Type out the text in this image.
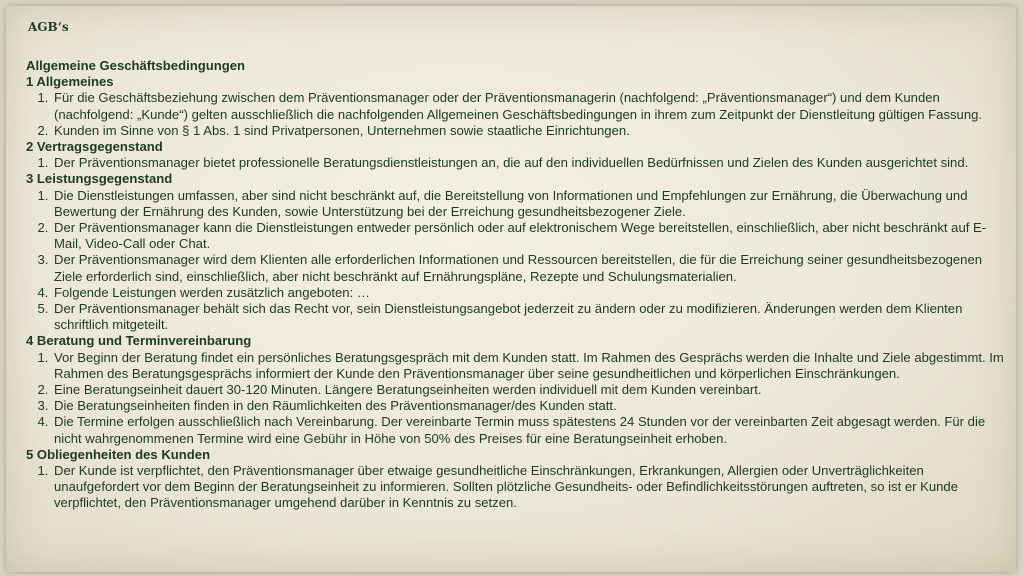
AGB‘s
Allgemeine Geschäftsbedingungen
1 Allgemeines
1. Für die Geschäftsbeziehung zwischen dem Präventionsmanager oder der Präventionsmanagerin (nachfolgend: „Präventionsmanager“) und dem Kunden (nachfolgend: „Kunde“) gelten ausschließlich die nachfolgenden Allgemeinen Geschäftsbedingungen in ihrem zum Zeitpunkt der Dienstleitung gültigen Fassung.
2. Kunden im Sinne von § 1 Abs. 1 sind Privatpersonen, Unternehmen sowie staatliche Einrichtungen.
2 Vertragsgegenstand
1. Der Präventionsmanager bietet professionelle Beratungsdienstleistungen an, die auf den individuellen Bedürfnissen und Zielen des Kunden ausgerichtet sind.
3 Leistungsgegenstand
1. Die Dienstleistungen umfassen, aber sind nicht beschränkt auf, die Bereitstellung von Informationen und Empfehlungen zur Ernährung, die Überwachung und Bewertung der Ernährung des Kunden, sowie Unterstützung bei der Erreichung gesundheitsbezogener Ziele.
2. Der Präventionsmanager kann die Dienstleistungen entweder persönlich oder auf elektronischem Wege bereitstellen, einschließlich, aber nicht beschränkt auf E-Mail, Video-Call oder Chat.
3. Der Präventionsmanager wird dem Klienten alle erforderlichen Informationen und Ressourcen bereitstellen, die für die Erreichung seiner gesundheitsbezogenen Ziele erforderlich sind, einschließlich, aber nicht beschränkt auf Ernährungspläne, Rezepte und Schulungsmaterialien.
4. Folgende Leistungen werden zusätzlich angeboten: …
5. Der Präventionsmanager behält sich das Recht vor, sein Dienstleistungsangebot jederzeit zu ändern oder zu modifizieren. Änderungen werden dem Klienten schriftlich mitgeteilt.
4 Beratung und Terminvereinbarung
1. Vor Beginn der Beratung findet ein persönliches Beratungsgespräch mit dem Kunden statt. Im Rahmen des Gesprächs werden die Inhalte und Ziele abgestimmt. Im Rahmen des Beratungsgesprächs informiert der Kunde den Präventionsmanager über seine gesundheitlichen und körperlichen Einschränkungen.
2. Eine Beratungseinheit dauert 30-120 Minuten. Längere Beratungseinheiten werden individuell mit dem Kunden vereinbart.
3. Die Beratungseinheiten finden in den Räumlichkeiten des Präventionsmanager/des Kunden statt.
4. Die Termine erfolgen ausschließlich nach Vereinbarung. Der vereinbarte Termin muss spätestens 24 Stunden vor der vereinbarten Zeit abgesagt werden. Für die nicht wahrgenommenen Termine wird eine Gebühr in Höhe von 50% des Preises für eine Beratungseinheit erhoben.
5 Obliegenheiten des Kunden
1. Der Kunde ist verpflichtet, den Präventionsmanager über etwaige gesundheitliche Einschränkungen, Erkrankungen, Allergien oder Unverträglichkeiten unaufgefordert vor dem Beginn der Beratungseinheit zu informieren. Sollten plötzliche Gesundheits- oder Befindlichkeitsstörungen auftreten, so ist er Kunde verpflichtet, den Präventionsmanager umgehend darüber in Kenntnis zu setzen.
